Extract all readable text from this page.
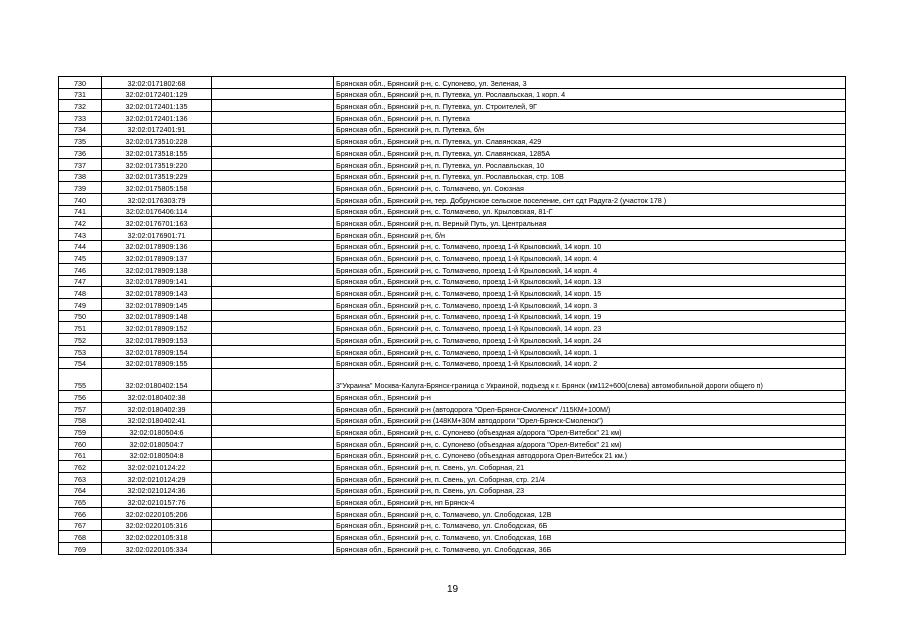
730	32:02:0171802:68		Брянская обл., Брянский р-н, с. Супонево, ул. Зеленая, 3
731	32:02:0172401:129		Брянская обл., Брянский р-н, п. Путевка, ул. Рославльская, 1 корп. 4
732	32:02:0172401:135		Брянская обл., Брянский р-н, п. Путевка, ул. Строителей, 9Г
733	32:02:0172401:136		Брянская обл., Брянский р-н, п. Путевка
734	32:02:0172401:91		Брянская обл., Брянский р-н, п. Путевка, б/н
735	32:02:0173510:228		Брянская обл., Брянский р-н, п. Путевка, ул. Славянская, 429
736	32:02:0173518:155		Брянская обл., Брянский р-н, п. Путевка, ул. Славянская, 1285А
737	32:02:0173519:220		Брянская обл., Брянский р-н, п. Путевка, ул. Рославльская, 10
738	32:02:0173519:229		Брянская обл., Брянский р-н, п. Путевка, ул. Рославльская, стр. 10В
739	32:02:0175805:158		Брянская обл., Брянский р-н, с. Толмачево, ул. Союзная
740	32:02:0176303:79		Брянская обл., Брянский р-н, тер. Добрунское сельское поселение, снт сдт Радуга-2 (участок 178 )
741	32:02:0176406:114		Брянская обл., Брянский р-н, с. Толмачево, ул. Крыловская, 81-Г
742	32:02:0176701:163		Брянская обл., Брянский р-н, п. Верный Путь, ул. Центральная
743	32:02:0176901:71		Брянская обл., Брянский р-н, б/н
744	32:02:0178909:136		Брянская обл., Брянский р-н, с. Толмачево, проезд 1-й Крыловский, 14 корп. 10
745	32:02:0178909:137		Брянская обл., Брянский р-н, с. Толмачево, проезд 1-й Крыловский, 14 корп. 4
746	32:02:0178909:138		Брянская обл., Брянский р-н, с. Толмачево, проезд 1-й Крыловский, 14 корп. 4
747	32:02:0178909:141		Брянская обл., Брянский р-н, с. Толмачево, проезд 1-й Крыловский, 14 корп. 13
748	32:02:0178909:143		Брянская обл., Брянский р-н, с. Толмачево, проезд 1-й Крыловский, 14 корп. 15
749	32:02:0178909:145		Брянская обл., Брянский р-н, с. Толмачево, проезд 1-й Крыловский, 14 корп. 3
750	32:02:0178909:148		Брянская обл., Брянский р-н, с. Толмачево, проезд 1-й Крыловский, 14 корп. 19
751	32:02:0178909:152		Брянская обл., Брянский р-н, с. Толмачево, проезд 1-й Крыловский, 14 корп. 23
752	32:02:0178909:153		Брянская обл., Брянский р-н, с. Толмачево, проезд 1-й Крыловский, 14 корп. 24
753	32:02:0178909:154		Брянская обл., Брянский р-н, с. Толмачево, проезд 1-й Крыловский, 14 корп. 1
754	32:02:0178909:155		Брянская обл., Брянский р-н, с. Толмачево, проезд 1-й Крыловский, 14 корп. 2
755	32:02:0180402:154		3"Украина" Москва-Калуга-Брянск-граница с Украиной, подъезд к г. Брянск (км112+600(слева) автомобильной дороги общего п)
756	32:02:0180402:38		Брянская обл., Брянский р-н
757	32:02:0180402:39		Брянская обл., Брянский р-н (автодорога "Орел-Брянск-Смоленск" /115КМ+100М/)
758	32:02:0180402:41		Брянская обл., Брянский р-н (148КМ+30М автодороги "Орел-Брянск-Смоленск")
759	32:02:0180504:6		Брянская обл., Брянский р-н, с. Супонево (объездная а/дорога "Орел-Витебск" 21 км)
760	32:02:0180504:7		Брянская обл., Брянский р-н, с. Супонево (объездная а/дорога "Орел-Витебск" 21 км)
761	32:02:0180504:8		Брянская обл., Брянский р-н, с. Супонево (объездная автодорога Орел-Витебск 21 км.)
762	32:02:0210124:22		Брянская обл., Брянский р-н, п. Свень, ул. Соборная, 21
763	32:02:0210124:29		Брянская обл., Брянский р-н, п. Свень, ул. Соборная, стр. 21/4
764	32:02:0210124:36		Брянская обл., Брянский р-н, п. Свень, ул. Соборная, 23
765	32:02:0210157:76		Брянская обл., Брянский р-н, нп Брянск-4
766	32:02:0220105:206		Брянская обл., Брянский р-н, с. Толмачево, ул. Слободская, 12В
767	32:02:0220105:316		Брянская обл., Брянский р-н, с. Толмачево, ул. Слободская, 6Б
768	32:02:0220105:318		Брянская обл., Брянский р-н, с. Толмачево, ул. Слободская, 16В
769	32:02:0220105:334		Брянская обл., Брянский р-н, с. Толмачево, ул. Слободская, 36Б
19
